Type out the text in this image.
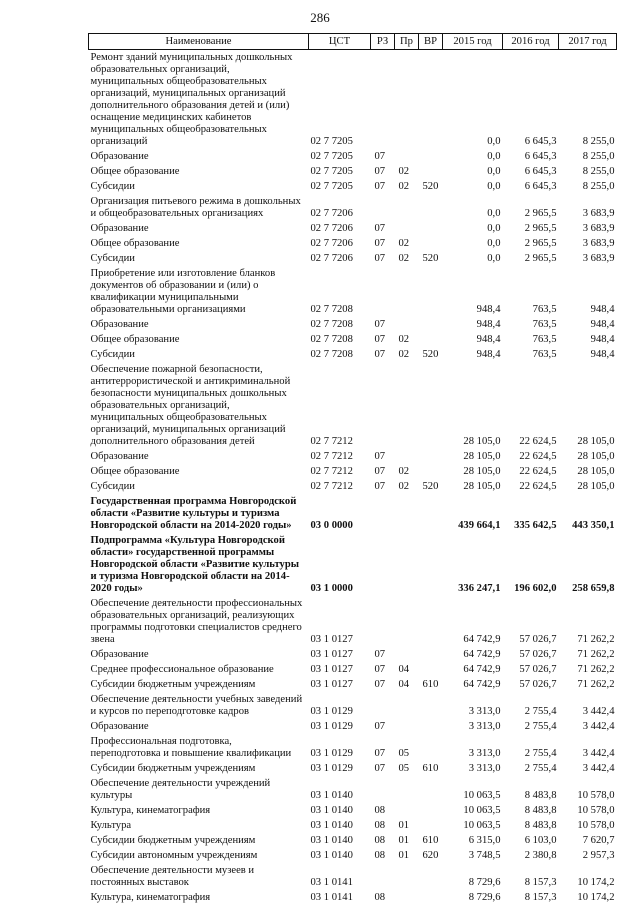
286
Наименование	ЦСТ	РЗ	Пр	ВР	2015 год	2016 год	2017 год
Ремонт зданий муниципальных дошкольных образовательных организаций, муниципальных общеобразовательных организаций, муниципальных организаций дополнительного образования детей и (или) оснащение медицинских кабинетов муниципальных общеобразовательных организаций	02 7 7205				0,0	6 645,3	8 255,0
Образование	02 7 7205	07			0,0	6 645,3	8 255,0
Общее образование	02 7 7205	07	02		0,0	6 645,3	8 255,0
Субсидии	02 7 7205	07	02	520	0,0	6 645,3	8 255,0
Организация питьевого режима в дошкольных и общеобразовательных организациях	02 7 7206				0,0	2 965,5	3 683,9
Образование	02 7 7206	07			0,0	2 965,5	3 683,9
Общее образование	02 7 7206	07	02		0,0	2 965,5	3 683,9
Субсидии	02 7 7206	07	02	520	0,0	2 965,5	3 683,9
Приобретение или изготовление бланков документов об образовании и (или) о квалификации муниципальными образовательными организациями	02 7 7208				948,4	763,5	948,4
Образование	02 7 7208	07			948,4	763,5	948,4
Общее образование	02 7 7208	07	02		948,4	763,5	948,4
Субсидии	02 7 7208	07	02	520	948,4	763,5	948,4
Обеспечение пожарной безопасности, антитеррористической и антикриминальной безопасности муниципальных дошкольных образовательных организаций, муниципальных общеобразовательных организаций, муниципальных организаций дополнительного образования детей	02 7 7212				28 105,0	22 624,5	28 105,0
Образование	02 7 7212	07			28 105,0	22 624,5	28 105,0
Общее образование	02 7 7212	07	02		28 105,0	22 624,5	28 105,0
Субсидии	02 7 7212	07	02	520	28 105,0	22 624,5	28 105,0
Государственная программа Новгородской области «Развитие культуры и туризма Новгородской области на 2014-2020 годы»	03 0 0000				439 664,1	335 642,5	443 350,1
Подпрограмма «Культура Новгородской области» государственной программы Новгородской области «Развитие культуры и туризма Новгородской области на 2014-2020 годы»	03 1 0000				336 247,1	196 602,0	258 659,8
Обеспечение деятельности профессиональных образовательных организаций, реализующих программы подготовки специалистов среднего звена	03 1 0127				64 742,9	57 026,7	71 262,2
Образование	03 1 0127	07			64 742,9	57 026,7	71 262,2
Среднее профессиональное образование	03 1 0127	07	04		64 742,9	57 026,7	71 262,2
Субсидии бюджетным учреждениям	03 1 0127	07	04	610	64 742,9	57 026,7	71 262,2
Обеспечение деятельности учебных заведений и курсов по переподготовке кадров	03 1 0129				3 313,0	2 755,4	3 442,4
Образование	03 1 0129	07			3 313,0	2 755,4	3 442,4
Профессиональная подготовка, переподготовка и повышение квалификации	03 1 0129	07	05		3 313,0	2 755,4	3 442,4
Субсидии бюджетным учреждениям	03 1 0129	07	05	610	3 313,0	2 755,4	3 442,4
Обеспечение деятельности учреждений культуры	03 1 0140				10 063,5	8 483,8	10 578,0
Культура, кинематография	03 1 0140	08			10 063,5	8 483,8	10 578,0
Культура	03 1 0140	08	01		10 063,5	8 483,8	10 578,0
Субсидии бюджетным учреждениям	03 1 0140	08	01	610	6 315,0	6 103,0	7 620,7
Субсидии автономным учреждениям	03 1 0140	08	01	620	3 748,5	2 380,8	2 957,3
Обеспечение деятельности музеев и постоянных выставок	03 1 0141				8 729,6	8 157,3	10 174,2
Культура, кинематография	03 1 0141	08			8 729,6	8 157,3	10 174,2
